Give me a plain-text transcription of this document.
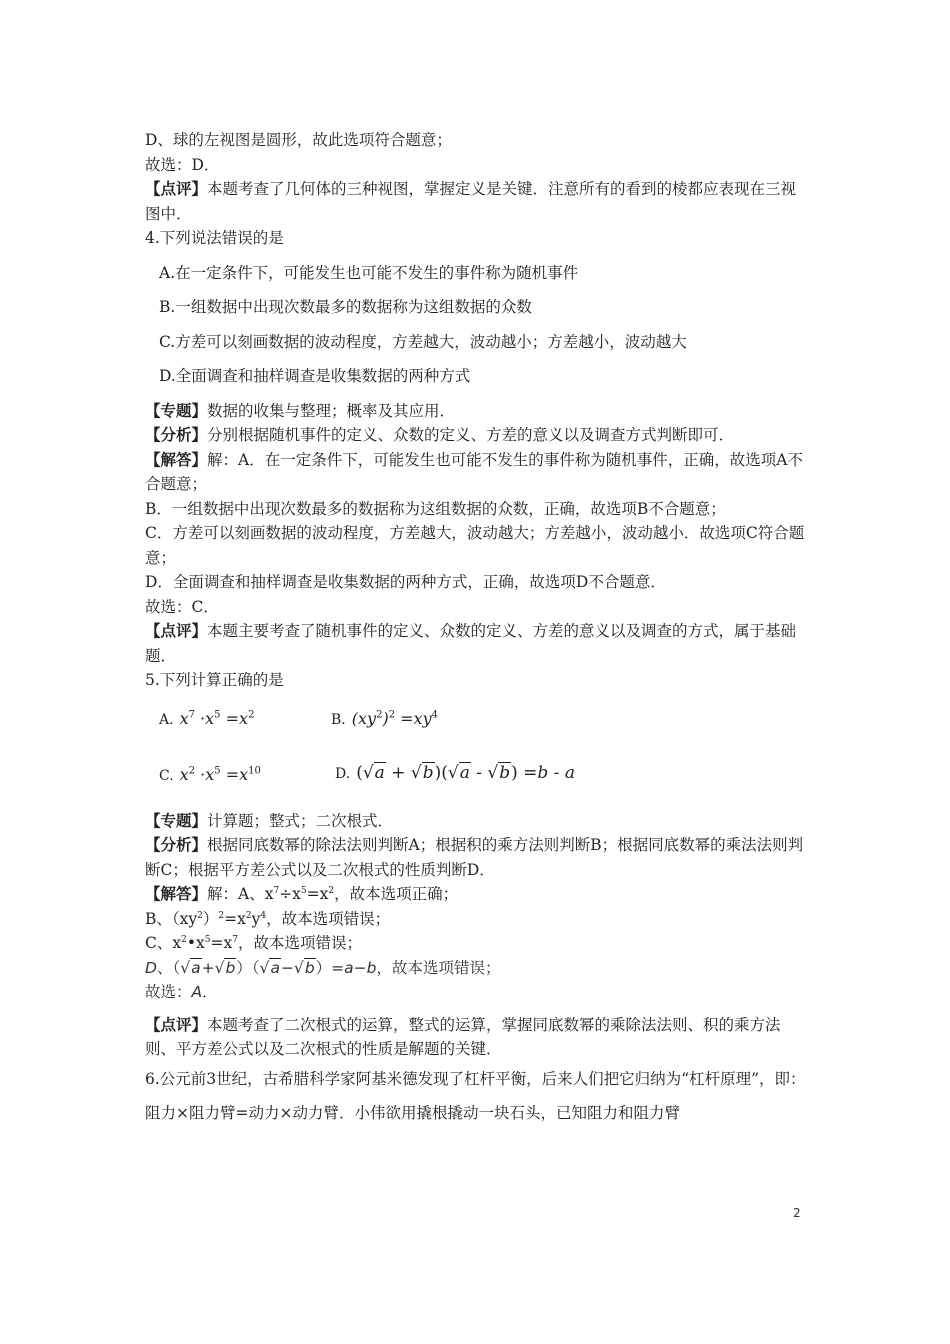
D、球的左视图是圆形，故此选项符合题意；
故选：D．
【点评】本题考查了几何体的三种视图，掌握定义是关键．注意所有的看到的棱都应表现在三视图中．
4.下列说法错误的是
A.在一定条件下，可能发生也可能不发生的事件称为随机事件
B.一组数据中出现次数最多的数据称为这组数据的众数
C.方差可以刻画数据的波动程度，方差越大，波动越小；方差越小，波动越大
D.全面调查和抽样调查是收集数据的两种方式
【专题】数据的收集与整理；概率及其应用．
【分析】分别根据随机事件的定义、众数的定义、方差的意义以及调查方式判断即可．
【解答】解：A．在一定条件下，可能发生也可能不发生的事件称为随机事件，正确，故选项A不合题意；
B．一组数据中出现次数最多的数据称为这组数据的众数，正确，故选项B不合题意；
C．方差可以刻画数据的波动程度，方差越大，波动越大；方差越小，波动越小．故选项C符合题意；
D．全面调查和抽样调查是收集数据的两种方式，正确，故选项D不合题意．
故选：C．
【点评】本题主要考查了随机事件的定义、众数的定义、方差的意义以及调查的方式，属于基础题．
5.下列计算正确的是
A. $x^7 \cdot x^5 =x^2$	B. $(xy^2)^2 =xy^4$
C. $x^2 \cdot x^5 =x^{10}$	D. (√a + √b)(√a - √b) =b - a
【专题】计算题；整式；二次根式．
【分析】根据同底数幂的除法法则判断A；根据积的乘方法则判断B；根据同底数幂的乘法法则判断C；根据平方差公式以及二次根式的性质判断D．
【解答】解：A、$x^7\div x^5=x^2$，故本选项正确；
B、$(xy^2)^2=x^2y^4$，故本选项错误；
C、$x^2•x^5=x^7$，故本选项错误；
D、（√a+√b）（√a−√b）=a−b，故本选项错误；
故选：A．
【点评】本题考查了二次根式的运算，整式的运算，掌握同底数幂的乘除法法则、积的乘方法则、平方差公式以及二次根式的性质是解题的关键．
6.公元前3世纪，古希腊科学家阿基米德发现了杠杆平衡，后来人们把它归纳为“杠杆原理”，即：阻力×阻力臂=动力×动力臂．小伟欲用撬根撬动一块石头，已知阻力和阻力臂
2
